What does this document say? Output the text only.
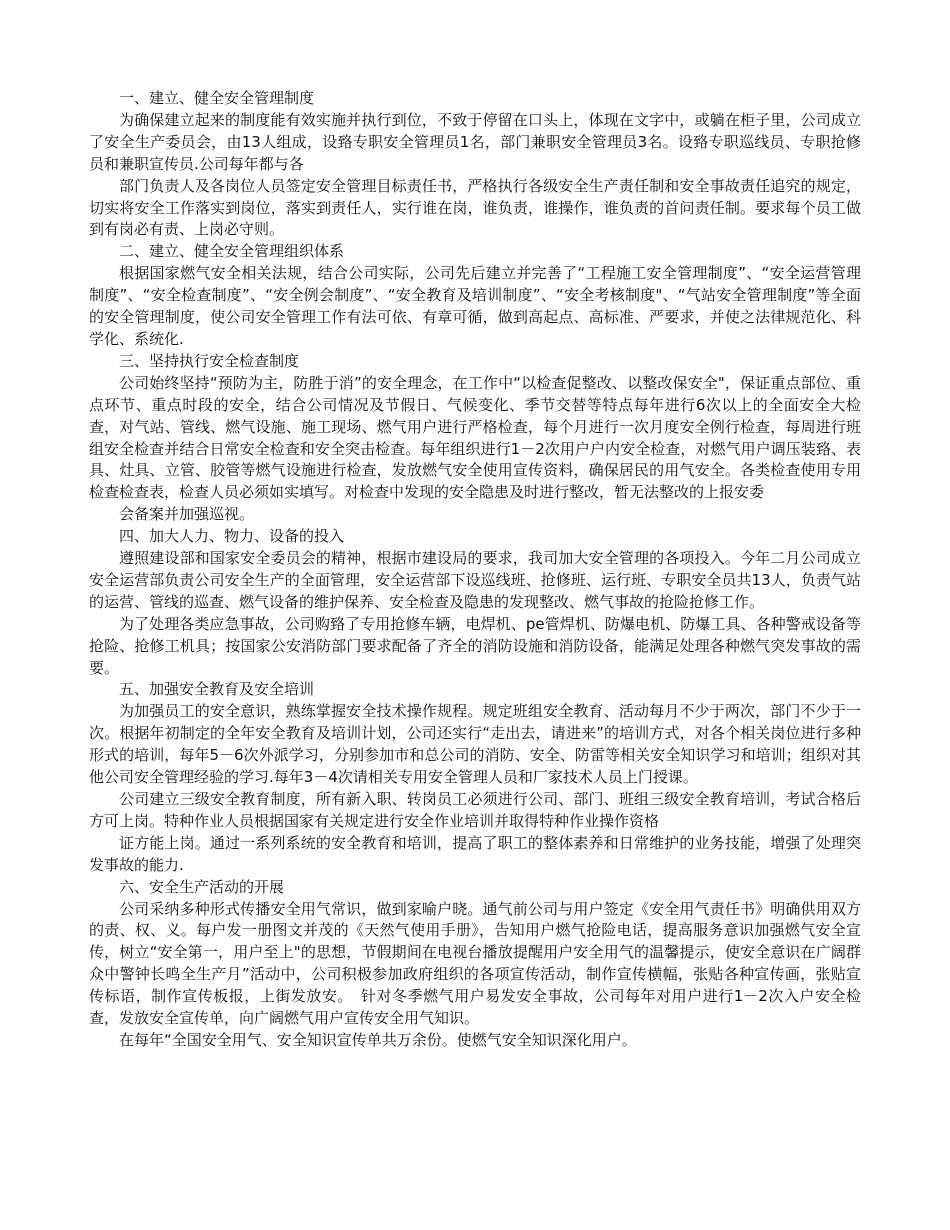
一、建立、健全安全管理制度

为确保建立起来的制度能有效实施并执行到位，不致于停留在口头上，体现在文字中，或躺在柜子里，公司成立了安全生产委员会，由13人组成，设臵专职安全管理员1名，部门兼职安全管理员3名。设臵专职巡线员、专职抢修员和兼职宣传员.公司每年都与各

部门负责人及各岗位人员签定安全管理目标责任书，严格执行各级安全生产责任制和安全事故责任追究的规定，切实将安全工作落实到岗位，落实到责任人，实行谁在岗，谁负责，谁操作，谁负责的首问责任制。要求每个员工做到有岗必有责、上岗必守则。

二、建立、健全安全管理组织体系

根据国家燃气安全相关法规，结合公司实际，公司先后建立并完善了“工程施工安全管理制度”、“安全运营管理制度”、“安全检查制度”、“安全例会制度”、“安全教育及培训制度”、“安全考核制度"、“气站安全管理制度”等全面的安全管理制度，使公司安全管理工作有法可依、有章可循，做到高起点、高标准、严要求，并使之法律规范化、科学化、系统化.

三、坚持执行安全检查制度

公司始终坚持“预防为主，防胜于消”的安全理念，在工作中“以检查促整改、以整改保安全"，保证重点部位、重点环节、重点时段的安全，结合公司情况及节假日、气候变化、季节交替等特点每年进行6次以上的全面安全大检查，对气站、管线、燃气设施、施工现场、燃气用户进行严格检查，每个月进行一次月度安全例行检查，每周进行班组安全检查并结合日常安全检查和安全突击检查。每年组织进行1－2次用户户内安全检查，对燃气用户调压装臵、表具、灶具、立管、胶管等燃气设施进行检查，发放燃气安全使用宣传资料，确保居民的用气安全。各类检查使用专用检查检查表，检查人员必须如实填写。对检查中发现的安全隐患及时进行整改，暂无法整改的上报安委

会备案并加强巡视。

四、加大人力、物力、设备的投入

遵照建设部和国家安全委员会的精神，根据市建设局的要求，我司加大安全管理的各项投入。今年二月公司成立安全运营部负责公司安全生产的全面管理，安全运营部下设巡线班、抢修班、运行班、专职安全员共13人，负责气站的运营、管线的巡查、燃气设备的维护保养、安全检查及隐患的发现整改、燃气事故的抢险抢修工作。

为了处理各类应急事故，公司购臵了专用抢修车辆，电焊机、pe管焊机、防爆电机、防爆工具、各种警戒设备等抢险、抢修工机具；按国家公安消防部门要求配备了齐全的消防设施和消防设备，能满足处理各种燃气突发事故的需要。

五、加强安全教育及安全培训

为加强员工的安全意识，熟练掌握安全技术操作规程。规定班组安全教育、活动每月不少于两次，部门不少于一次。根据年初制定的全年安全教育及培训计划，公司还实行“走出去，请进来”的培训方式，对各个相关岗位进行多种形式的培训，每年5－6次外派学习，分别参加市和总公司的消防、安全、防雷等相关安全知识学习和培训；组织对其他公司安全管理经验的学习.每年3－4次请相关专用安全管理人员和厂家技术人员上门授课。

公司建立三级安全教育制度，所有新入职、转岗员工必须进行公司、部门、班组三级安全教育培训，考试合格后方可上岗。特种作业人员根据国家有关规定进行安全作业培训并取得特种作业操作资格

证方能上岗。通过一系列系统的安全教育和培训，提高了职工的整体素养和日常维护的业务技能，增强了处理突发事故的能力.

六、安全生产活动的开展

公司采纳多种形式传播安全用气常识，做到家喻户晓。通气前公司与用户签定《安全用气责任书》明确供用双方的责、权、义。每户发一册图文并茂的《天然气使用手册》，告知用户燃气抢险电话，提高服务意识加强燃气安全宣传，树立“安全第一，用户至上"的思想，节假期间在电视台播放提醒用户安全用气的温馨提示，使安全意识在广阔群众中警钟长鸣全生产月”活动中，公司积极参加政府组织的各项宣传活动，制作宣传横幅，张贴各种宣传画，张贴宣传标语，制作宣传板报，上街发放安。　针对冬季燃气用户易发安全事故，公司每年对用户进行1－2次入户安全检查，发放安全宣传单，向广阔燃气用户宣传安全用气知识。

在每年“全国安全用气、安全知识宣传单共万余份。使燃气安全知识深化用户。
